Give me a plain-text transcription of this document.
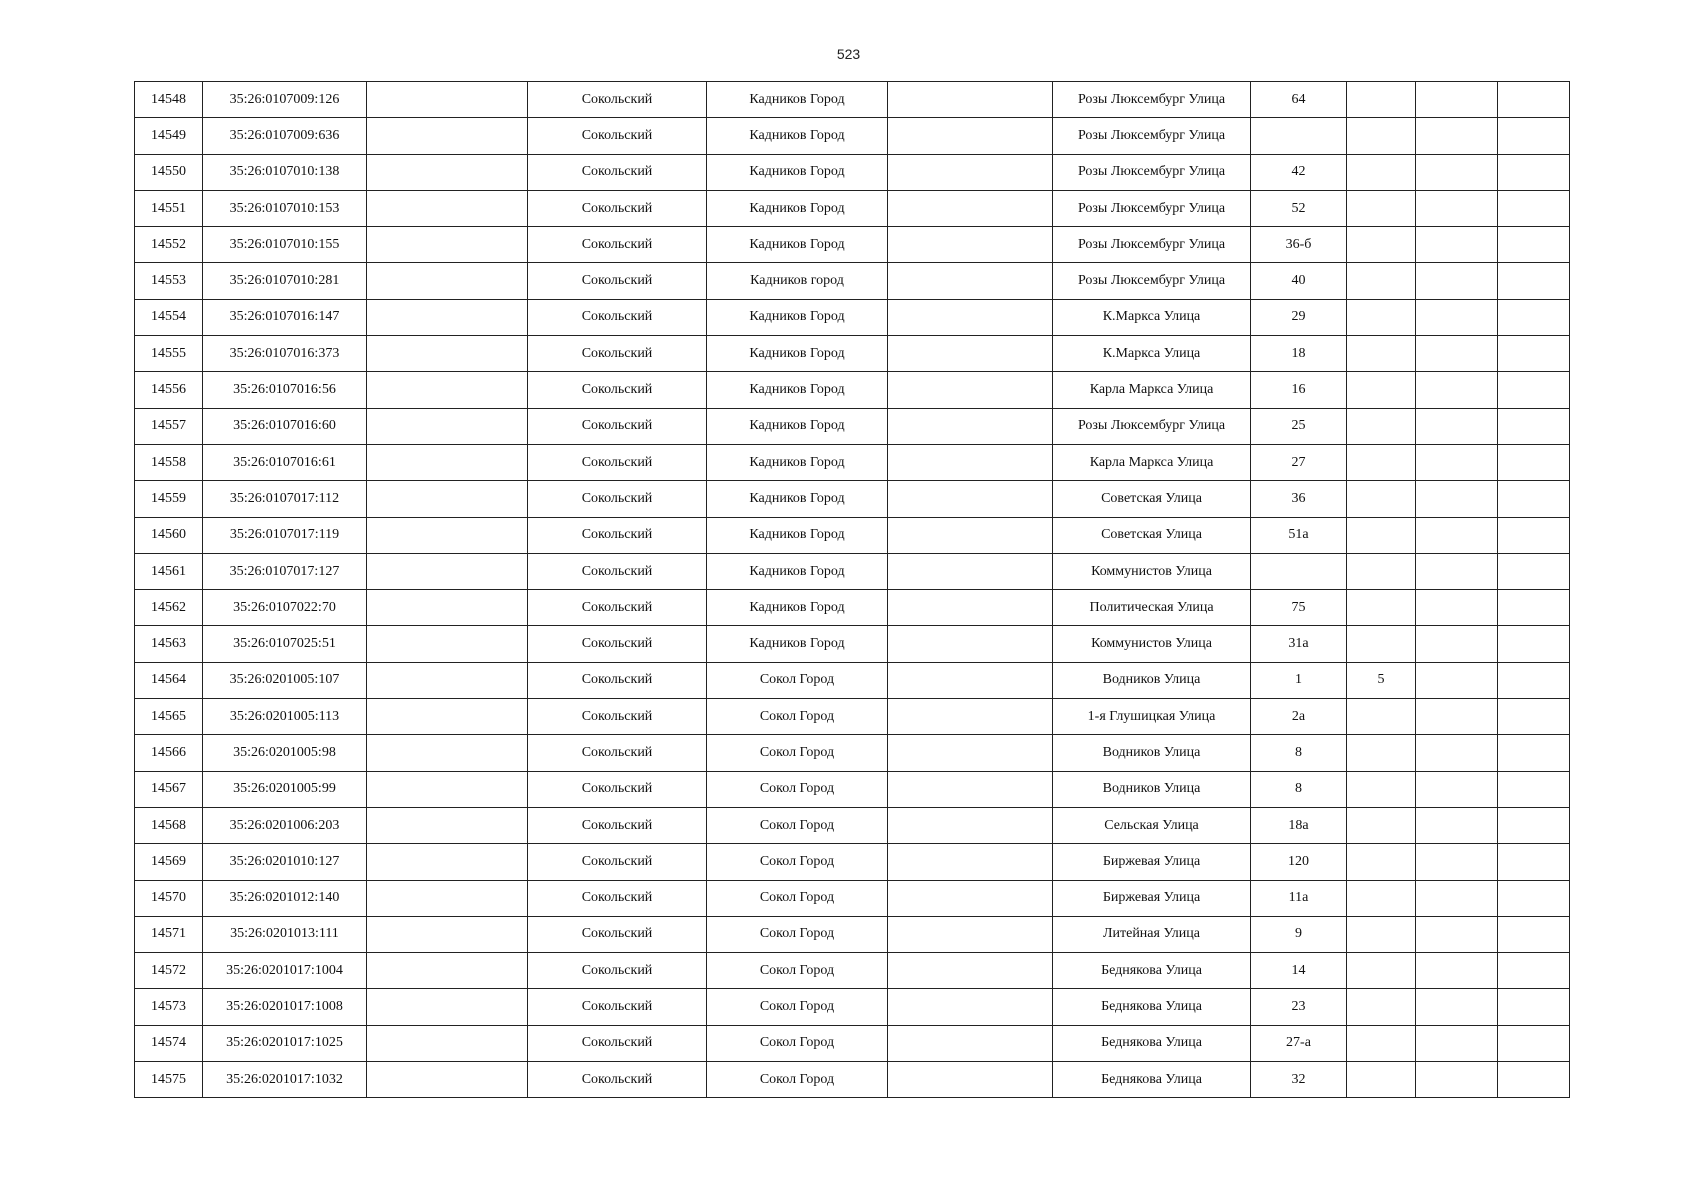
523
14548	35:26:0107009:126		Сокольский	Кадников Город		Розы Люксембург Улица	64			
14549	35:26:0107009:636		Сокольский	Кадников Город		Розы Люксембург Улица				
14550	35:26:0107010:138		Сокольский	Кадников Город		Розы Люксембург Улица	42			
14551	35:26:0107010:153		Сокольский	Кадников Город		Розы Люксембург Улица	52			
14552	35:26:0107010:155		Сокольский	Кадников Город		Розы Люксембург Улица	36-б			
14553	35:26:0107010:281		Сокольский	Кадников город		Розы Люксембург Улица	40			
14554	35:26:0107016:147		Сокольский	Кадников Город		К.Маркса Улица	29			
14555	35:26:0107016:373		Сокольский	Кадников Город		К.Маркса Улица	18			
14556	35:26:0107016:56		Сокольский	Кадников Город		Карла Маркса Улица	16			
14557	35:26:0107016:60		Сокольский	Кадников Город		Розы Люксембург Улица	25			
14558	35:26:0107016:61		Сокольский	Кадников Город		Карла Маркса Улица	27			
14559	35:26:0107017:112		Сокольский	Кадников Город		Советская Улица	36			
14560	35:26:0107017:119		Сокольский	Кадников Город		Советская Улица	51а			
14561	35:26:0107017:127		Сокольский	Кадников Город		Коммунистов Улица				
14562	35:26:0107022:70		Сокольский	Кадников Город		Политическая Улица	75			
14563	35:26:0107025:51		Сокольский	Кадников Город		Коммунистов Улица	31а			
14564	35:26:0201005:107		Сокольский	Сокол Город		Водников Улица	1	5		
14565	35:26:0201005:113		Сокольский	Сокол Город		1-я Глушицкая Улица	2а			
14566	35:26:0201005:98		Сокольский	Сокол Город		Водников Улица	8			
14567	35:26:0201005:99		Сокольский	Сокол Город		Водников Улица	8			
14568	35:26:0201006:203		Сокольский	Сокол Город		Сельская Улица	18а			
14569	35:26:0201010:127		Сокольский	Сокол Город		Биржевая Улица	120			
14570	35:26:0201012:140		Сокольский	Сокол Город		Биржевая Улица	11а			
14571	35:26:0201013:111		Сокольский	Сокол Город		Литейная Улица	9			
14572	35:26:0201017:1004		Сокольский	Сокол Город		Беднякова Улица	14			
14573	35:26:0201017:1008		Сокольский	Сокол Город		Беднякова Улица	23			
14574	35:26:0201017:1025		Сокольский	Сокол Город		Беднякова Улица	27-а			
14575	35:26:0201017:1032		Сокольский	Сокол Город		Беднякова Улица	32			
